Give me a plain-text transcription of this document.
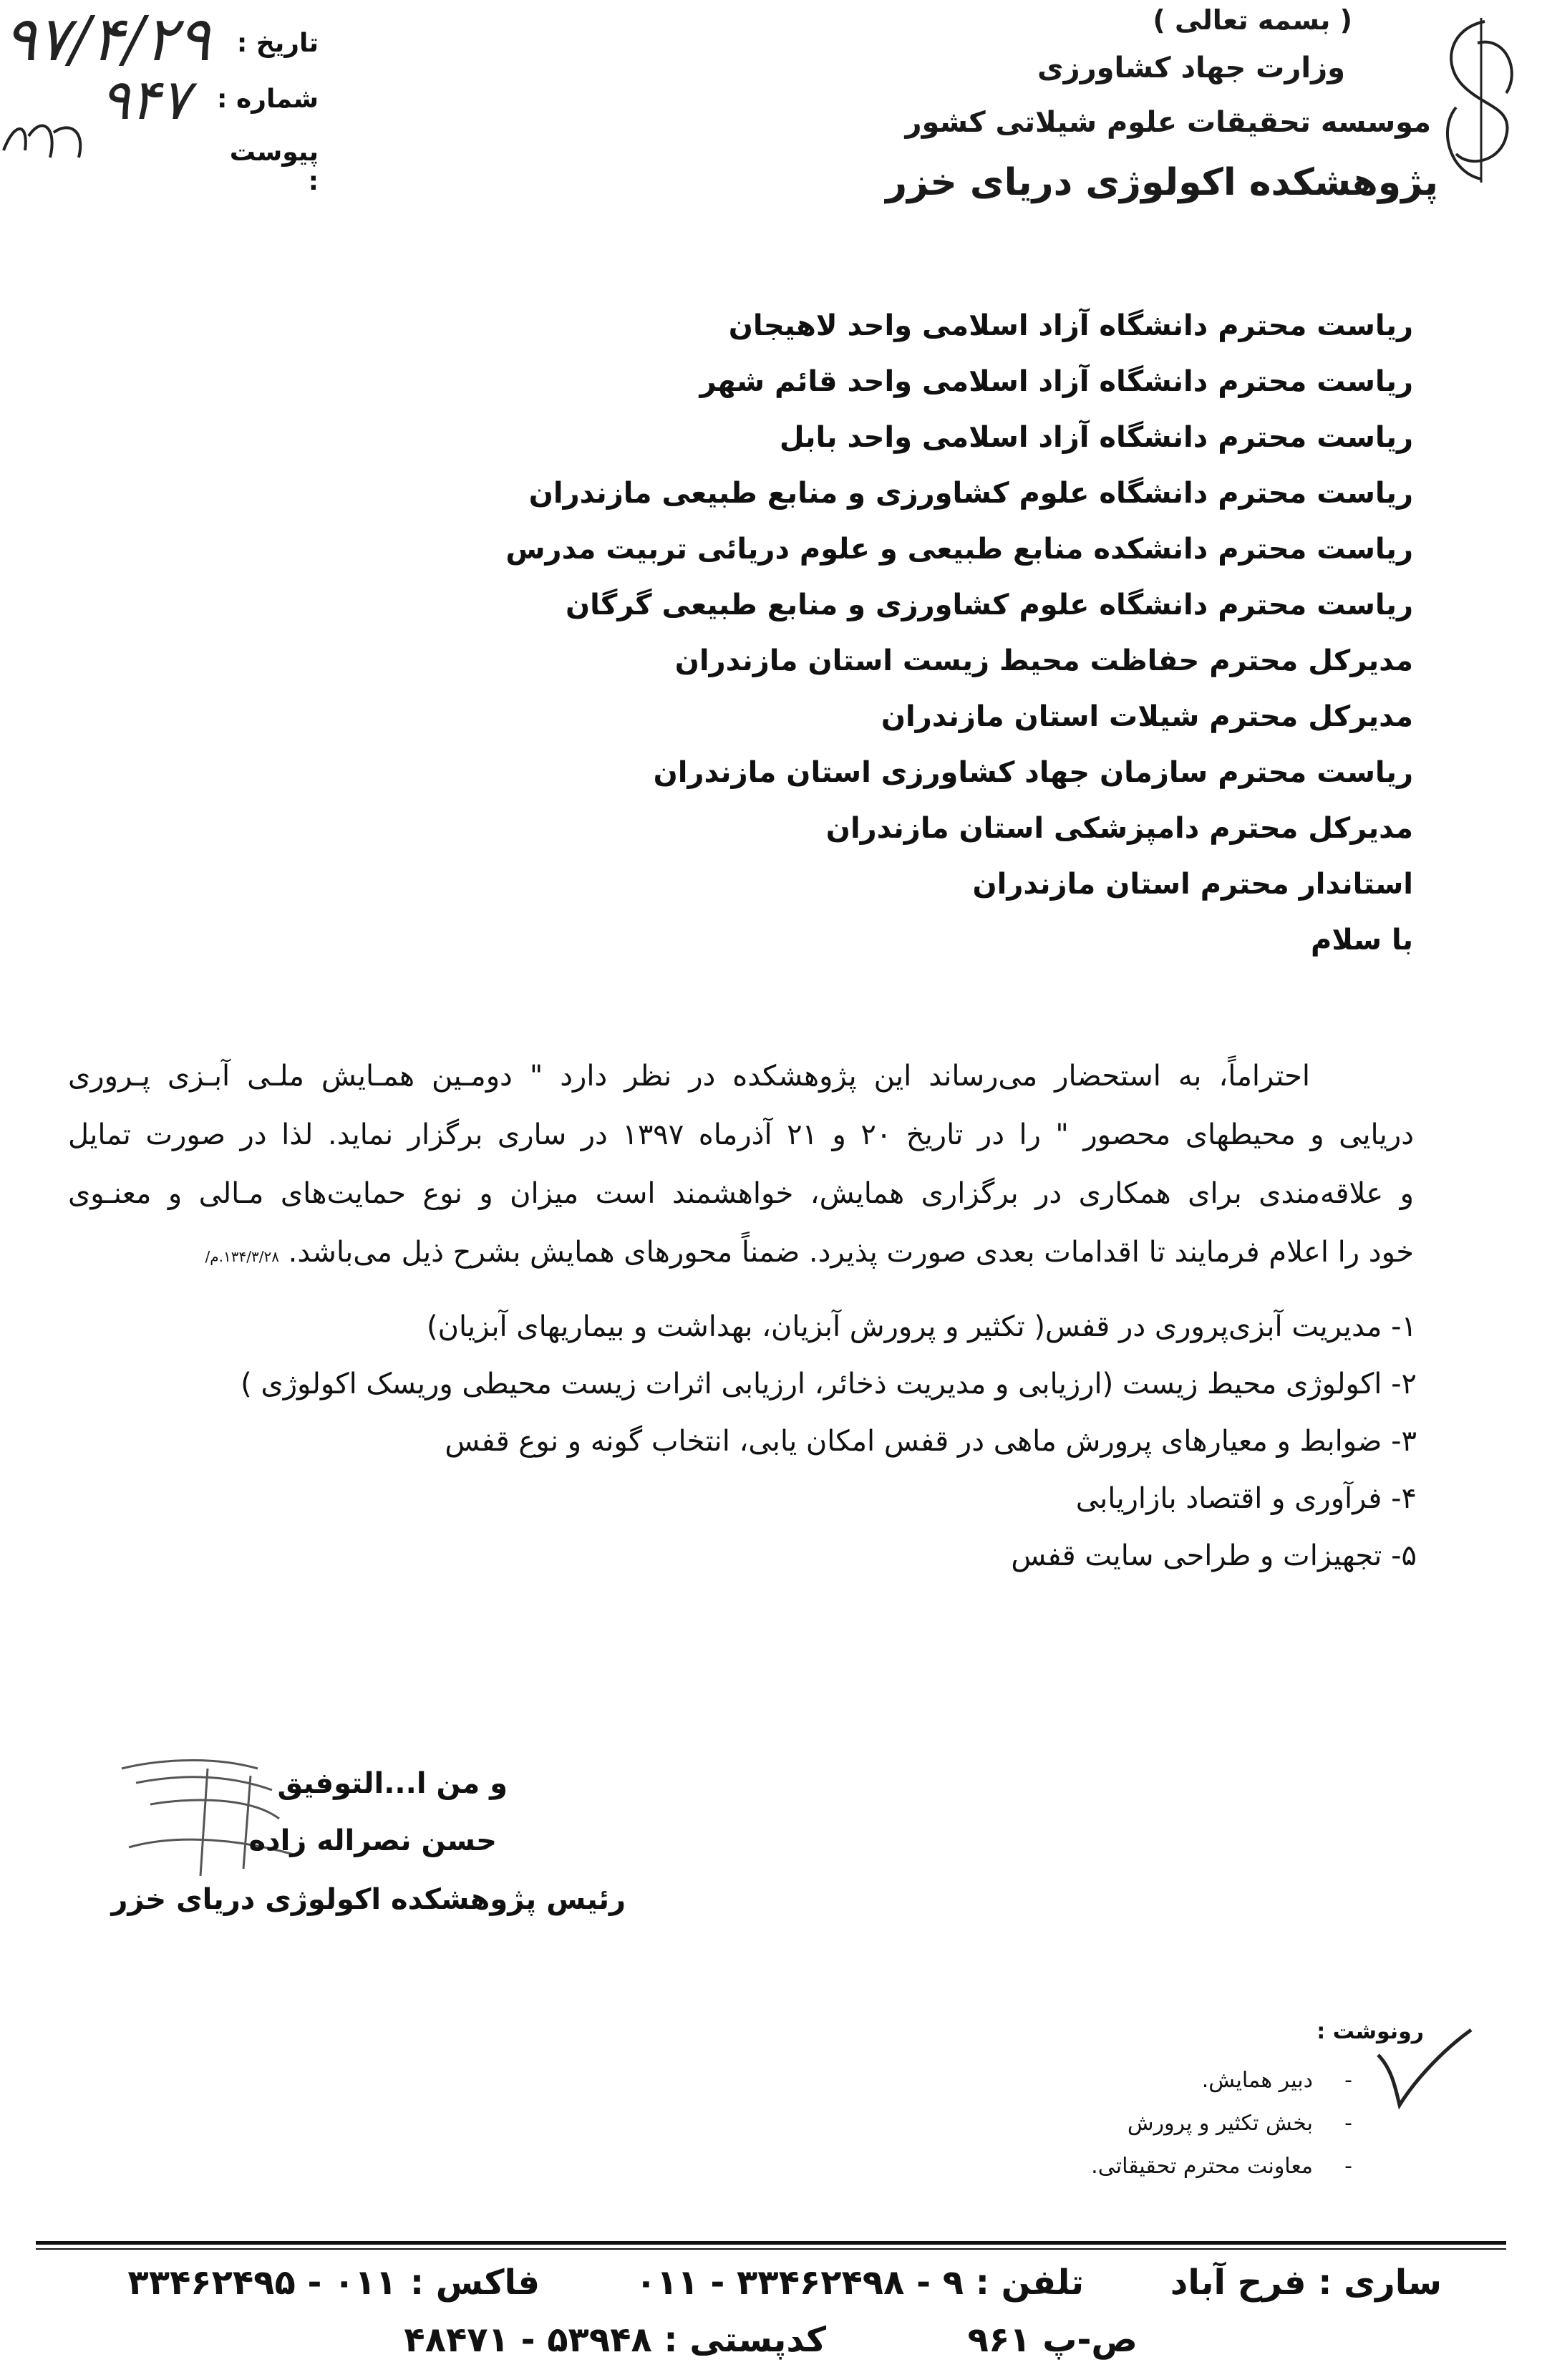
( بسمه تعالی )
وزارت جهاد کشاورزی
موسسه تحقیقات علوم شیلاتی کشور
پژوهشکده اکولوژی دریای خزر
تاریخ :
شماره :
پیوست :
۹۷/۴/۲۹
۹۴۷
ریاست محترم دانشگاه آزاد اسلامی واحد لاهیجان
ریاست محترم دانشگاه آزاد اسلامی واحد قائم شهر
ریاست محترم دانشگاه آزاد اسلامی واحد بابل
ریاست محترم دانشگاه علوم کشاورزی و منابع طبیعی مازندران
ریاست محترم دانشکده منابع طبیعی و علوم دریائی تربیت مدرس
ریاست محترم دانشگاه علوم کشاورزی و منابع طبیعی گرگان
مدیرکل محترم حفاظت محیط زیست استان مازندران
مدیرکل محترم شیلات استان مازندران
ریاست محترم سازمان جهاد کشاورزی استان مازندران
مدیرکل محترم دامپزشکی استان مازندران
استاندار محترم استان مازندران
با سلام
احتراماً، به استحضار می‌رساند این پژوهشکده در نظر دارد " دومـین همـایش ملـی آبـزی پـروری
دریایی و محیطهای محصور " را در تاریخ ۲۰ و ۲۱ آذرماه ۱۳۹۷ در ساری برگزار نماید. لذا در صورت تمایل
و علاقه‌مندی برای همکاری در برگزاری همایش، خواهشمند است میزان و نوع حمایت‌های مـالی و معنـوی
خود را اعلام فرمایند تا اقدامات بعدی صورت پذیرد. ضمناً محورهای همایش بشرح ذیل می‌باشد. ۱۳۴/۳/۲۸.م/
۱- مدیریت آبزی‌پروری در قفس( تکثیر و پرورش آبزیان، بهداشت و بیماریهای آبزیان)
۲- اکولوژی محیط زیست (ارزیابی و مدیریت ذخائر، ارزیابی اثرات زیست محیطی وریسک اکولوژی )
۳- ضوابط و معیارهای پرورش ماهی در قفس امکان یابی، انتخاب گونه و نوع قفس
۴- فرآوری و اقتصاد بازاریابی
۵- تجهیزات و طراحی سایت قفس
و من ا...التوفیق
حسن نصراله زاده
رئیس پژوهشکده اکولوژی دریای خزر
رونوشت :
دبیر همایش. -
بخش تکثیر و پرورش -
معاونت محترم تحقیقاتی. -
ساری : فرح آباد
تلفن : ۹ - ۳۳۴۶۲۴۹۸ - ۰۱۱
فاکس :
۰۱۱ - ۳۳۴۶۲۴۹۵
ص-پ ۹۶۱
کدپستی : ۵۳۹۴۸ - ۴۸۴۷۱
